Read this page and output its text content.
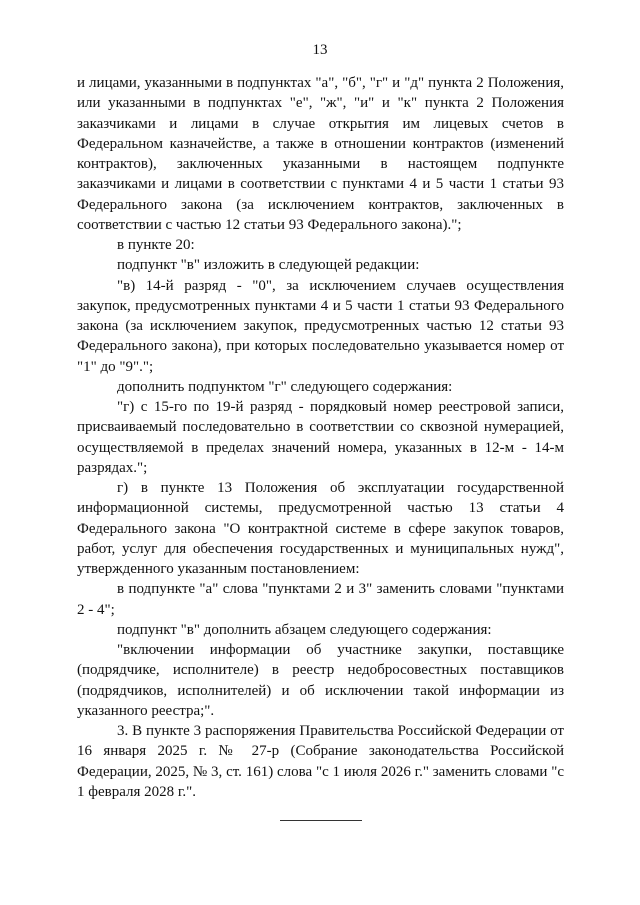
13

и лицами, указанными в подпунктах "а", "б", "г" и "д" пункта 2 Положения, или указанными в подпунктах "е", "ж", "и" и "к" пункта 2 Положения заказчиками и лицами в случае открытия им лицевых счетов в Федеральном казначействе, а также в отношении контрактов (изменений контрактов), заключенных указанными в настоящем подпункте заказчиками и лицами в соответствии с пунктами 4 и 5 части 1 статьи 93 Федерального закона (за исключением контрактов, заключенных в соответствии с частью 12 статьи 93 Федерального закона).";

в пункте 20:

подпункт "в" изложить в следующей редакции:

"в) 14-й разряд - "0", за исключением случаев осуществления закупок, предусмотренных пунктами 4 и 5 части 1 статьи 93 Федерального закона (за исключением закупок, предусмотренных частью 12 статьи 93 Федерального закона), при которых последовательно указывается номер от "1" до "9".";

дополнить подпунктом "г" следующего содержания:

"г) с 15-го по 19-й разряд - порядковый номер реестровой записи, присваиваемый последовательно в соответствии со сквозной нумерацией, осуществляемой в пределах значений номера, указанных в 12-м - 14-м разрядах.";

г) в пункте 13 Положения об эксплуатации государственной информационной системы, предусмотренной частью 13 статьи 4 Федерального закона "О контрактной системе в сфере закупок товаров, работ, услуг для обеспечения государственных и муниципальных нужд", утвержденного указанным постановлением:

в подпункте "а" слова "пунктами 2 и 3" заменить словами "пунктами 2 - 4";

подпункт "в" дополнить абзацем следующего содержания:

"включении информации об участнике закупки, поставщике (подрядчике, исполнителе) в реестр недобросовестных поставщиков (подрядчиков, исполнителей) и об исключении такой информации из указанного реестра;".

3. В пункте 3 распоряжения Правительства Российской Федерации от 16 января 2025 г. № 27-р (Собрание законодательства Российской Федерации, 2025, № 3, ст. 161) слова "с 1 июля 2026 г." заменить словами "с 1 февраля 2028 г.".
